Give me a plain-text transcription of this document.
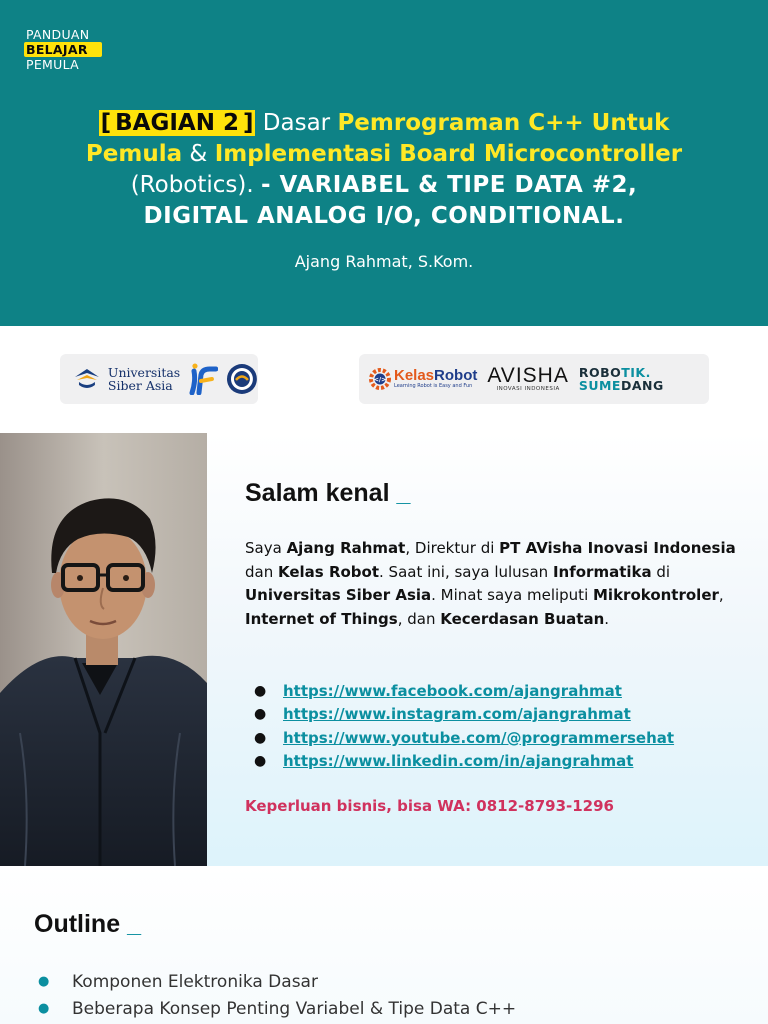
PANDUAN
BELAJAR
PEMULA
[ BAGIAN 2 ] Dasar Pemrograman C++ Untuk
Pemula & Implementasi Board Microcontroller
(Robotics). - VARIABEL & TIPE DATA #2,
DIGITAL ANALOG I/O, CONDITIONAL.
Ajang Rahmat, S.Kom.
Universitas
Siber Asia	</> KelasRobot
Learning Robot is Easy and Fun AVISHA
INOVASI INDONESIA
ROBOTIK.
SUMEDANG
Salam kenal _

Saya Ajang Rahmat, Direktur di PT AVisha Inovasi Indonesia dan Kelas Robot. Saat ini, saya lulusan Informatika di Universitas Siber Asia. Minat saya meliputi Mikrokontroler, Internet of Things, dan Kecerdasan Buatan.

●	https://www.facebook.com/ajangrahmat
●	https://www.instagram.com/ajangrahmat
●	https://www.youtube.com/@programmersehat
●	https://www.linkedin.com/in/ajangrahmat
Keperluan bisnis, bisa WA: 0812-8793-1296
Outline _
●	Komponen Elektronika Dasar
●	Beberapa Konsep Penting Variabel & Tipe Data C++
